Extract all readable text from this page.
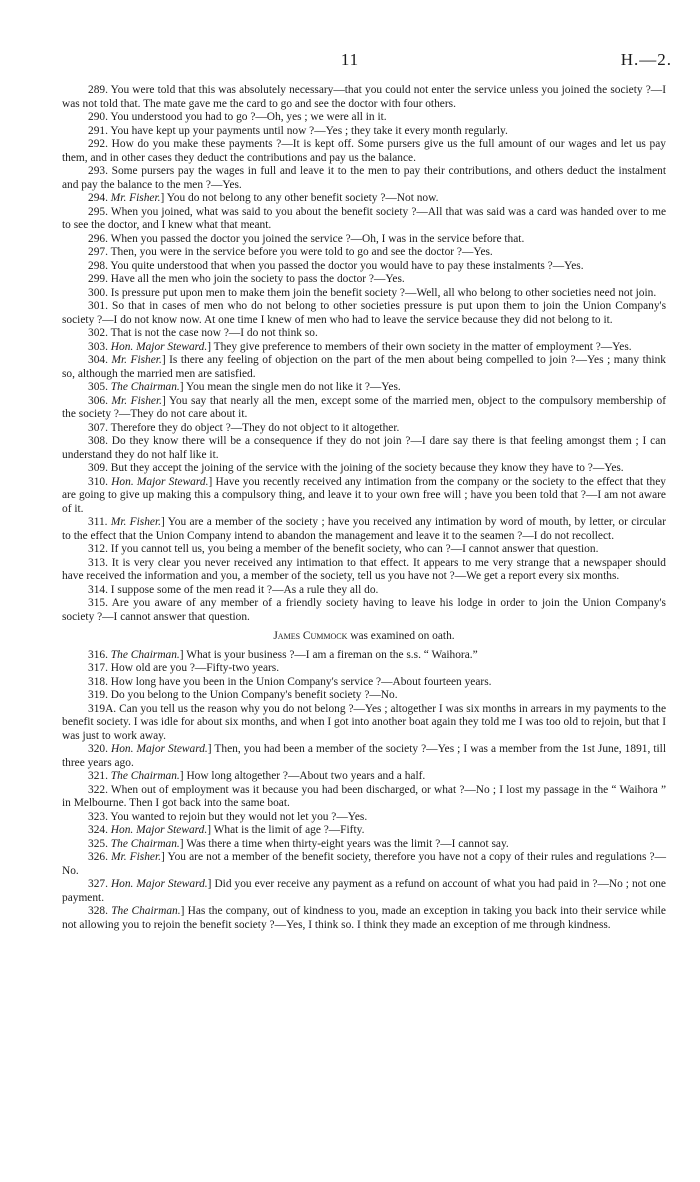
11	H.—2.

289. You were told that this was absolutely necessary—that you could not enter the service unless you joined the society ?—I was not told that. The mate gave me the card to go and see the doctor with four others.

290. You understood you had to go ?—Oh, yes ; we were all in it.

291. You have kept up your payments until now ?—Yes ; they take it every month regularly.

292. How do you make these payments ?—It is kept off. Some pursers give us the full amount of our wages and let us pay them, and in other cases they deduct the contributions and pay us the balance.

293. Some pursers pay the wages in full and leave it to the men to pay their contributions, and others deduct the instalment and pay the balance to the men ?—Yes.

294. Mr. Fisher.] You do not belong to any other benefit society ?—Not now.

295. When you joined, what was said to you about the benefit society ?—All that was said was a card was handed over to me to see the doctor, and I knew what that meant.

296. When you passed the doctor you joined the service ?—Oh, I was in the service before that.

297. Then, you were in the service before you were told to go and see the doctor ?—Yes.

298. You quite understood that when you passed the doctor you would have to pay these instalments ?—Yes.

299. Have all the men who join the society to pass the doctor ?—Yes.

300. Is pressure put upon men to make them join the benefit society ?—Well, all who belong to other societies need not join.

301. So that in cases of men who do not belong to other societies pressure is put upon them to join the Union Company's society ?—I do not know now. At one time I knew of men who had to leave the service because they did not belong to it.

302. That is not the case now ?—I do not think so.

303. Hon. Major Steward.] They give preference to members of their own society in the matter of employment ?—Yes.

304. Mr. Fisher.] Is there any feeling of objection on the part of the men about being compelled to join ?—Yes ; many think so, although the married men are satisfied.

305. The Chairman.] You mean the single men do not like it ?—Yes.

306. Mr. Fisher.] You say that nearly all the men, except some of the married men, object to the compulsory membership of the society ?—They do not care about it.

307. Therefore they do object ?—They do not object to it altogether.

308. Do they know there will be a consequence if they do not join ?—I dare say there is that feeling amongst them ; I can understand they do not half like it.

309. But they accept the joining of the service with the joining of the society because they know they have to ?—Yes.

310. Hon. Major Steward.] Have you recently received any intimation from the company or the society to the effect that they are going to give up making this a compulsory thing, and leave it to your own free will ; have you been told that ?—I am not aware of it.

311. Mr. Fisher.] You are a member of the society ; have you received any intimation by word of mouth, by letter, or circular to the effect that the Union Company intend to abandon the management and leave it to the seamen ?—I do not recollect.

312. If you cannot tell us, you being a member of the benefit society, who can ?—I cannot answer that question.

313. It is very clear you never received any intimation to that effect. It appears to me very strange that a newspaper should have received the information and you, a member of the society, tell us you have not ?—We get a report every six months.

314. I suppose some of the men read it ?—As a rule they all do.

315. Are you aware of any member of a friendly society having to leave his lodge in order to join the Union Company's society ?—I cannot answer that question.

James Cummock was examined on oath.

316. The Chairman.] What is your business ?—I am a fireman on the s.s. “ Waihora.”

317. How old are you ?—Fifty-two years.

318. How long have you been in the Union Company's service ?—About fourteen years.

319. Do you belong to the Union Company's benefit society ?—No.

319A. Can you tell us the reason why you do not belong ?—Yes ; altogether I was six months in arrears in my payments to the benefit society. I was idle for about six months, and when I got into another boat again they told me I was too old to rejoin, but that I was just to work away.

320. Hon. Major Steward.] Then, you had been a member of the society ?—Yes ; I was a member from the 1st June, 1891, till three years ago.

321. The Chairman.] How long altogether ?—About two years and a half.

322. When out of employment was it because you had been discharged, or what ?—No ; I lost my passage in the “ Waihora ” in Melbourne. Then I got back into the same boat.

323. You wanted to rejoin but they would not let you ?—Yes.

324. Hon. Major Steward.] What is the limit of age ?—Fifty.

325. The Chairman.] Was there a time when thirty-eight years was the limit ?—I cannot say.

326. Mr. Fisher.] You are not a member of the benefit society, therefore you have not a copy of their rules and regulations ?—No.

327. Hon. Major Steward.] Did you ever receive any payment as a refund on account of what you had paid in ?—No ; not one payment.

328. The Chairman.] Has the company, out of kindness to you, made an exception in taking you back into their service while not allowing you to rejoin the benefit society ?—Yes, I think so. I think they made an exception of me through kindness.
